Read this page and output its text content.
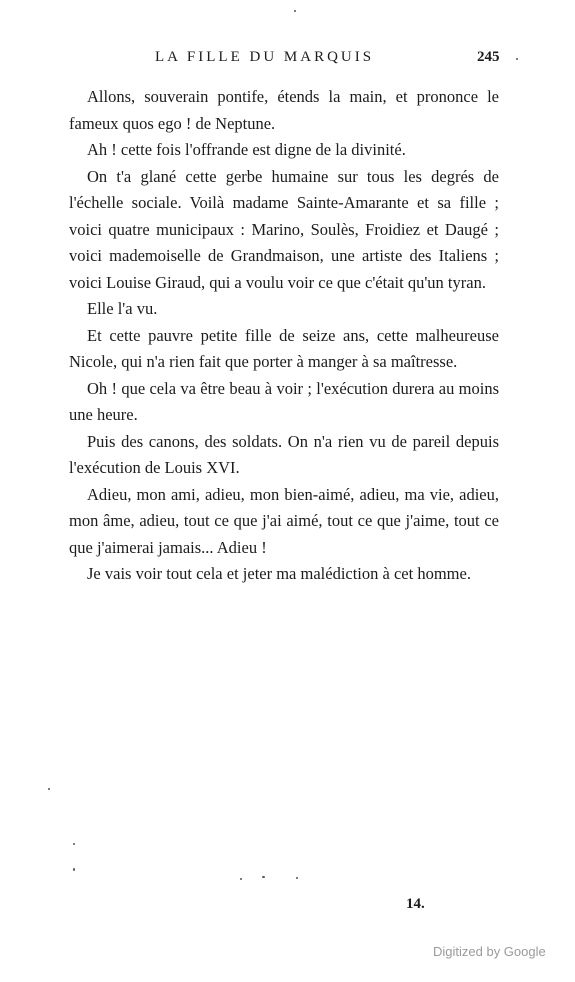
LA FILLE DU MARQUIS	245

Allons, souverain pontife, étends la main, et prononce le fameux quos ego ! de Neptune.

Ah ! cette fois l'offrande est digne de la divinité.

On t'a glané cette gerbe humaine sur tous les degrés de l'échelle sociale. Voilà madame Sainte-Amarante et sa fille ; voici quatre municipaux : Marino, Soulès, Froidiez et Daugé ; voici mademoiselle de Grandmaison, une artiste des Italiens ; voici Louise Giraud, qui a voulu voir ce que c'était qu'un tyran.

Elle l'a vu.

Et cette pauvre petite fille de seize ans, cette malheureuse Nicole, qui n'a rien fait que porter à manger à sa maîtresse.

Oh ! que cela va être beau à voir ; l'exécution durera au moins une heure.

Puis des canons, des soldats. On n'a rien vu de pareil depuis l'exécution de Louis XVI.

Adieu, mon ami, adieu, mon bien-aimé, adieu, ma vie, adieu, mon âme, adieu, tout ce que j'ai aimé, tout ce que j'aime, tout ce que j'aimerai jamais... Adieu !

Je vais voir tout cela et jeter ma malédiction à cet homme.

14.
Digitized by Google
